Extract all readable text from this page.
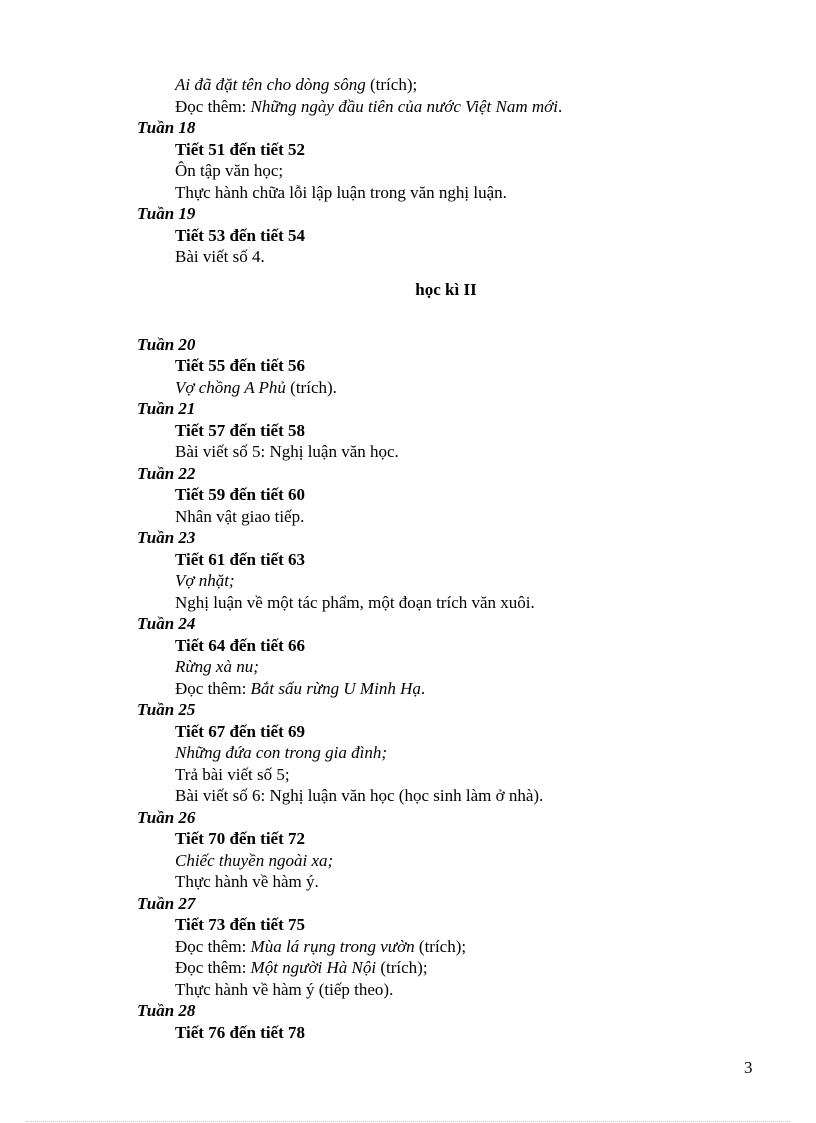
Ai đã đặt tên cho dòng sông (trích);
Đọc thêm: Những ngày đầu tiên của nước Việt Nam mới.
Tuần 18
Tiết 51 đến tiết 52
Ôn tập văn học;
Thực hành chữa lỗi lập luận trong văn nghị luận.
Tuần 19
Tiết 53 đến tiết 54
Bài viết số 4.
học kì II
Tuần 20
Tiết 55 đến tiết 56
Vợ chồng A Phủ (trích).
Tuần 21
Tiết 57 đến tiết 58
Bài viết số 5: Nghị luận văn học.
Tuần 22
Tiết 59 đến tiết 60
Nhân vật giao tiếp.
Tuần 23
Tiết 61 đến tiết 63
Vợ nhặt;
Nghị luận về một tác phẩm, một đoạn trích văn xuôi.
Tuần 24
Tiết 64 đến tiết 66
Rừng xà nu;
Đọc thêm: Bắt sấu rừng U Minh Hạ.
Tuần 25
Tiết 67 đến tiết 69
Những đứa con trong gia đình;
Trả bài viết số 5;
Bài viết số 6: Nghị luận văn học (học sinh làm ở nhà).
Tuần 26
Tiết 70 đến tiết 72
Chiếc thuyền ngoài xa;
Thực hành về hàm ý.
Tuần 27
Tiết 73 đến tiết 75
Đọc thêm: Mùa lá rụng trong vườn (trích);
Đọc thêm: Một người Hà Nội (trích);
Thực hành về hàm ý (tiếp theo).
Tuần 28
Tiết 76 đến tiết 78
3
